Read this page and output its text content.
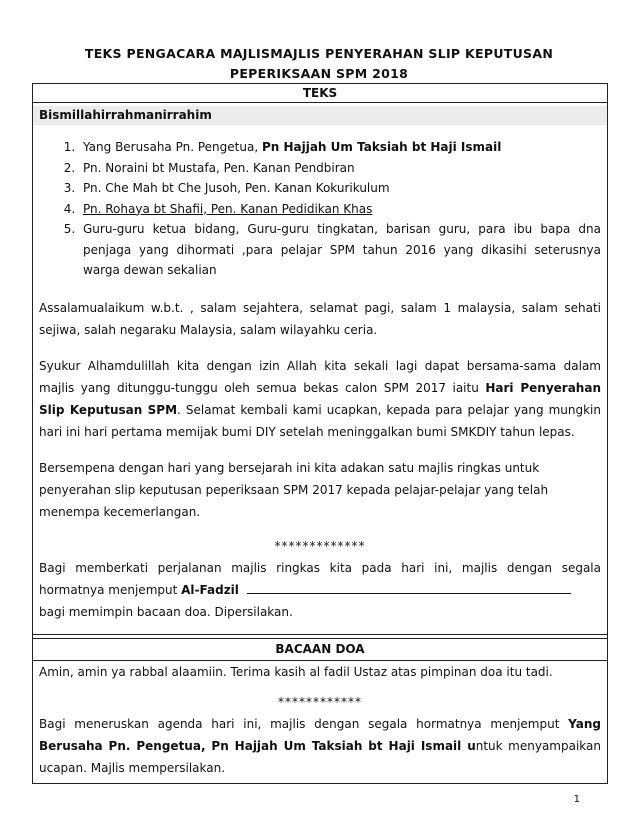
TEKS PENGACARA MAJLISMAJLIS PENYERAHAN SLIP KEPUTUSAN
PEPERIKSAAN SPM 2018
TEKS
Bismillahirrahmanirrahim
1. Yang Berusaha Pn. Pengetua, Pn Hajjah Um Taksiah bt Haji Ismail
2. Pn. Noraini bt Mustafa, Pen. Kanan Pendbiran
3. Pn. Che Mah bt Che Jusoh, Pen. Kanan Kokurikulum
4. Pn. Rohaya bt Shafii, Pen. Kanan Pedidikan Khas
5. Guru-guru ketua bidang, Guru-guru tingkatan, barisan guru, para ibu bapa dna penjaga yang dihormati ,para pelajar SPM tahun 2016 yang dikasihi seterusnya warga dewan sekalian
Assalamualaikum w.b.t. , salam sejahtera, selamat pagi, salam 1 malaysia, salam sehati sejiwa, salah negaraku Malaysia, salam wilayahku ceria.
Syukur Alhamdulillah kita dengan izin Allah kita sekali lagi dapat bersama-sama dalam majlis yang ditunggu-tunggu oleh semua bekas calon SPM 2017 iaitu Hari Penyerahan Slip Keputusan SPM. Selamat kembali kami ucapkan, kepada para pelajar yang mungkin hari ini hari pertama memijak bumi DIY setelah meninggalkan bumi SMKDIY tahun lepas.
Bersempena dengan hari yang bersejarah ini kita adakan satu majlis ringkas untuk penyerahan slip keputusan peperiksaan SPM 2017 kepada pelajar-pelajar yang telah menempa kecemerlangan.
*************
Bagi memberkati perjalanan majlis ringkas kita pada hari ini, majlis dengan segala hormatnya menjemput Al-Fadzil
bagi memimpin bacaan doa. Dipersilakan.
BACAAN DOA
Amin, amin ya rabbal alaamiin. Terima kasih al fadil Ustaz atas pimpinan doa itu tadi.
************
Bagi meneruskan agenda hari ini, majlis dengan segala hormatnya menjemput Yang Berusaha Pn. Pengetua, Pn Hajjah Um Taksiah bt Haji Ismail untuk menyampaikan ucapan. Majlis mempersilakan.
1
